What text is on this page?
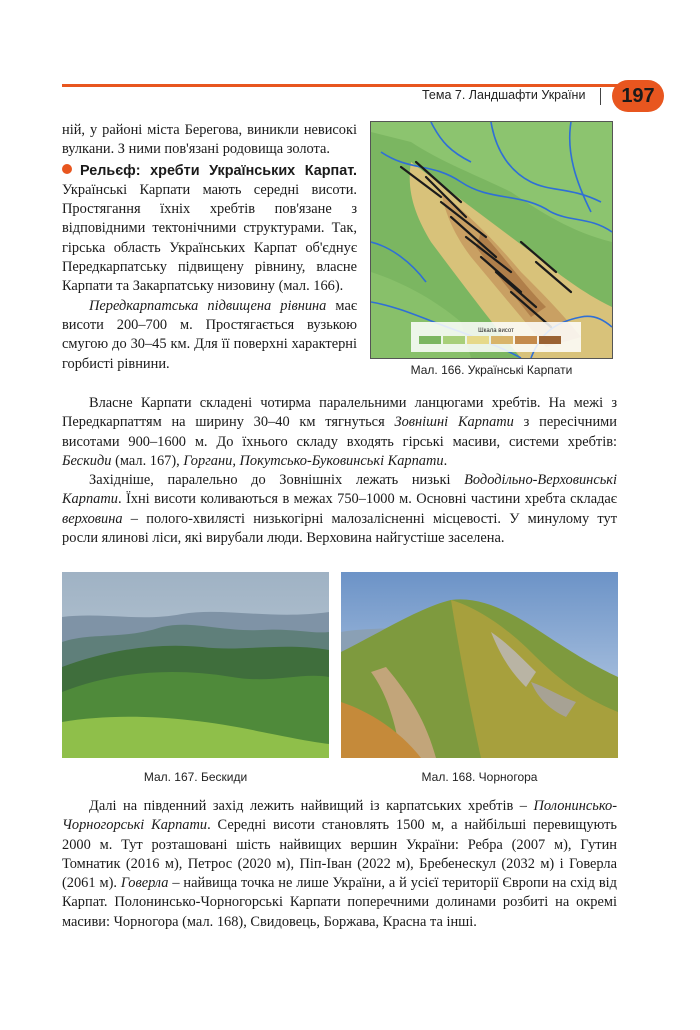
Тема 7. Ландшафти України	197

ній, у районі міста Берегова, виникли невисокі вулкани. З ними пов'язані родовища золота.

Рельєф: хребти Українських Карпат. Українські Карпати мають середні висоти. Простягання їхніх хребтів пов'язане з відповідними тектонічними структурами. Так, гірська область Українських Карпат об'єднує Передкарпатську підвищену рівнину, власне Карпати та Закарпатську низовину (мал. 166).

Передкарпатська підвищена рівнина має висоти 200–700 м. Простягається вузькою смугою до 30–45 км. Для її поверхні характерні горбисті рівнини.

Шкала висот
Мал. 166. Українські Карпати

Власне Карпати складені чотирма паралельними ланцюгами хребтів. На межі з Передкарпаттям на ширину 30–40 км тягнуться Зовнішні Карпати з пересічними висотами 900–1600 м. До їхнього складу входять гірські масиви, системи хребтів: Бескиди (мал. 167), Горгани, Покутсько-Буковинські Карпати.

Західніше, паралельно до Зовнішніх лежать низькі Вододільно-Верховинські Карпати. Їхні висоти коливаються в межах 750–1000 м. Основні частини хребта складає верховина – полого-хвилясті низькогірні малозалісненні місцевості. У минулому тут росли ялинові ліси, які вирубали люди. Верховина найгустіше заселена.

Мал. 167. Бескиди	Мал. 168. Чорногора

Далі на південний захід лежить найвищий із карпатських хребтів – Полонинсько-Чорногорські Карпати. Середні висоти становлять 1500 м, а найбільші перевищують 2000 м. Тут розташовані шість найвищих вершин України: Ребра (2007 м), Гутин Томнатик (2016 м), Петрос (2020 м), Піп-Іван (2022 м), Бребенескул (2032 м) і Говерла (2061 м). Говерла – найвища точка не лише України, а й усієї території Європи на схід від Карпат. Полонинсько-Чорногорські Карпати поперечними долинами розбиті на окремі масиви: Чорногора (мал. 168), Свидовець, Боржава, Красна та інші.
